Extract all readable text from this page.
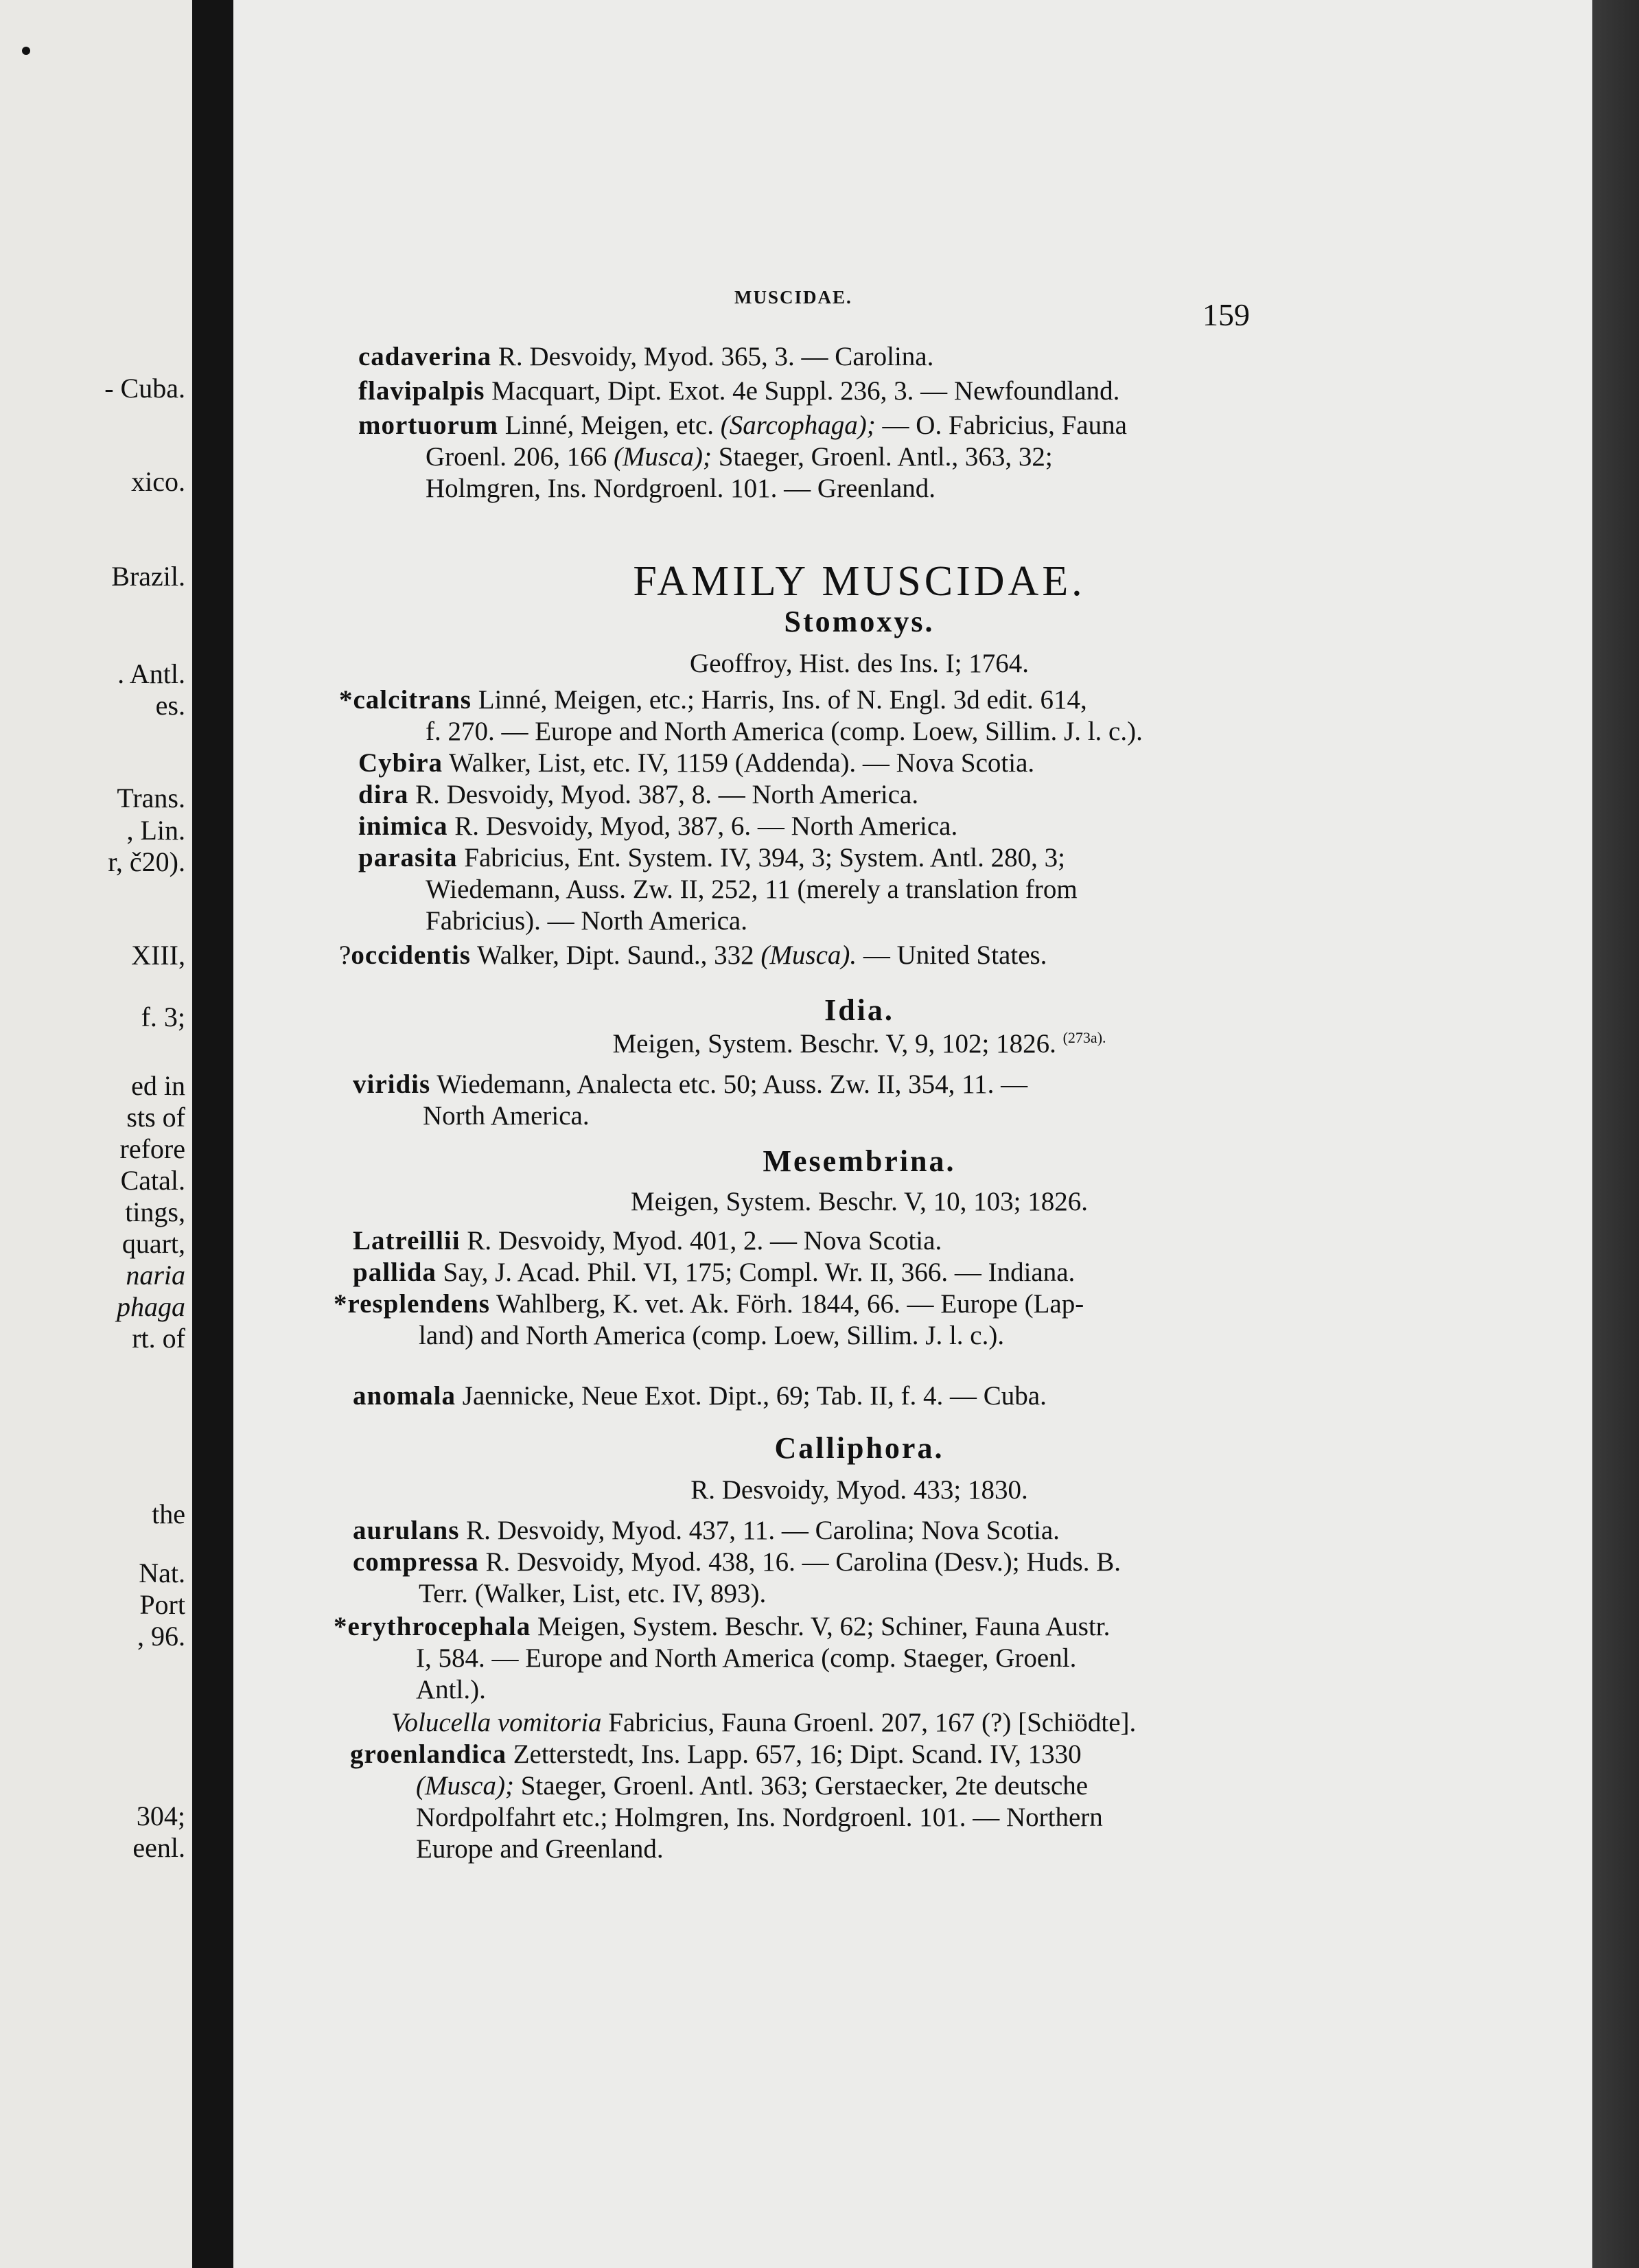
- Cuba.
xico.
Brazil.
. Antl.
es.
Trans.
, Lin.
r, č20).
XIII,
f. 3;
ed in
sts of
refore
Catal.
tings,
quart,
naria
phaga
rt. of
the
Nat.
Port
, 96.
304;
eenl.
MUSCIDAE.	159
cadaverina R. Desvoidy, Myod. 365, 3. — Carolina.
flavipalpis Macquart, Dipt. Exot. 4e Suppl. 236, 3. — Newfoundland.
mortuorum Linné, Meigen, etc. (Sarcophaga); — O. Fabricius, Fauna
Groenl. 206, 166 (Musca); Staeger, Groenl. Antl., 363, 32;
Holmgren, Ins. Nordgroenl. 101. — Greenland.
FAMILY MUSCIDAE.
Stomoxys.
Geoffroy, Hist. des Ins. I; 1764.
*calcitrans Linné, Meigen, etc.; Harris, Ins. of N. Engl. 3d edit. 614,
f. 270. — Europe and North America (comp. Loew, Sillim. J. l. c.).
Cybira Walker, List, etc. IV, 1159 (Addenda). — Nova Scotia.
dira R. Desvoidy, Myod. 387, 8. — North America.
inimica R. Desvoidy, Myod, 387, 6. — North America.
parasita Fabricius, Ent. System. IV, 394, 3; System. Antl. 280, 3;
Wiedemann, Auss. Zw. II, 252, 11 (merely a translation from
Fabricius). — North America.
?occidentis Walker, Dipt. Saund., 332 (Musca). — United States.
Idia.
Meigen, System. Beschr. V, 9, 102; 1826. $^{(273a).}$
viridis Wiedemann, Analecta etc. 50; Auss. Zw. II, 354, 11. —
North America.
Mesembrina.
Meigen, System. Beschr. V, 10, 103; 1826.
Latreillii R. Desvoidy, Myod. 401, 2. — Nova Scotia.
pallida Say, J. Acad. Phil. VI, 175; Compl. Wr. II, 366. — Indiana.
*resplendens Wahlberg, K. vet. Ak. Förh. 1844, 66. — Europe (Lap-
land) and North America (comp. Loew, Sillim. J. l. c.).
anomala Jaennicke, Neue Exot. Dipt., 69; Tab. II, f. 4. — Cuba.
Calliphora.
R. Desvoidy, Myod. 433; 1830.
aurulans R. Desvoidy, Myod. 437, 11. — Carolina; Nova Scotia.
compressa R. Desvoidy, Myod. 438, 16. — Carolina (Desv.); Huds. B.
Terr. (Walker, List, etc. IV, 893).
*erythrocephala Meigen, System. Beschr. V, 62; Schiner, Fauna Austr.
I, 584. — Europe and North America (comp. Staeger, Groenl.
Antl.).
Volucella vomitoria Fabricius, Fauna Groenl. 207, 167 (?) [Schiödte].
groenlandica Zetterstedt, Ins. Lapp. 657, 16; Dipt. Scand. IV, 1330
(Musca); Staeger, Groenl. Antl. 363; Gerstaecker, 2te deutsche
Nordpolfahrt etc.; Holmgren, Ins. Nordgroenl. 101. — Northern
Europe and Greenland.
